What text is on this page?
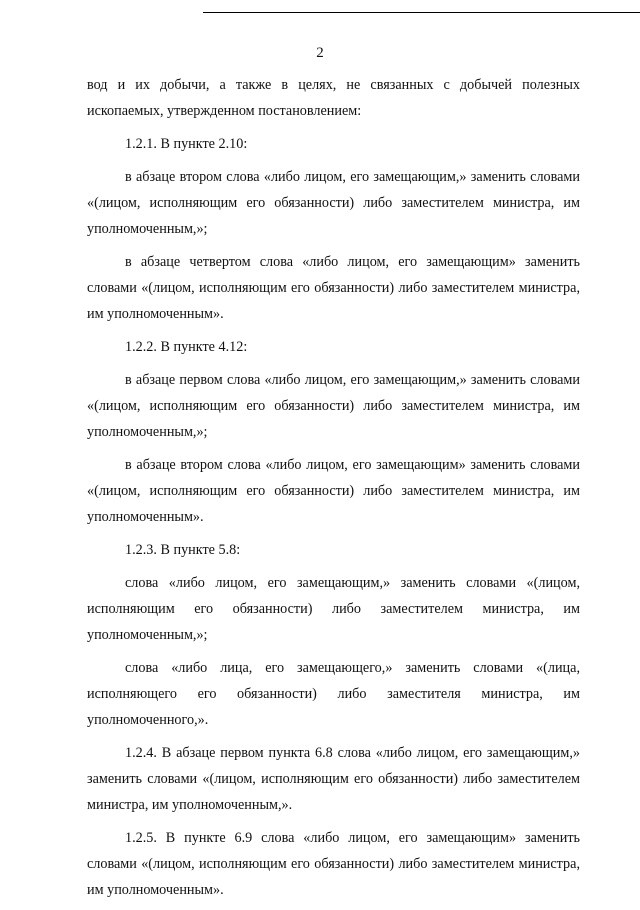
2

вод и их добычи, а также в целях, не связанных с добычей полезных ископаемых, утвержденном постановлением:

1.2.1. В пункте 2.10:

в абзаце втором слова «либо лицом, его замещающим,» заменить словами «(лицом, исполняющим его обязанности) либо заместителем министра, им уполномоченным,»;

в абзаце четвертом слова «либо лицом, его замещающим» заменить словами «(лицом, исполняющим его обязанности) либо заместителем министра, им уполномоченным».

1.2.2. В пункте 4.12:

в абзаце первом слова «либо лицом, его замещающим,» заменить словами «(лицом, исполняющим его обязанности) либо заместителем министра, им уполномоченным,»;

в абзаце втором слова «либо лицом, его замещающим» заменить словами «(лицом, исполняющим его обязанности) либо заместителем министра, им уполномоченным».

1.2.3. В пункте 5.8:

слова «либо лицом, его замещающим,» заменить словами «(лицом, исполняющим его обязанности) либо заместителем министра, им уполномоченным,»;

слова «либо лица, его замещающего,» заменить словами «(лица, исполняющего его обязанности) либо заместителя министра, им уполномоченного,».

1.2.4. В абзаце первом пункта 6.8 слова «либо лицом, его замещающим,» заменить словами «(лицом, исполняющим его обязанности) либо заместителем министра, им уполномоченным,».

1.2.5. В пункте 6.9 слова «либо лицом, его замещающим» заменить словами «(лицом, исполняющим его обязанности) либо заместителем министра, им уполномоченным».
